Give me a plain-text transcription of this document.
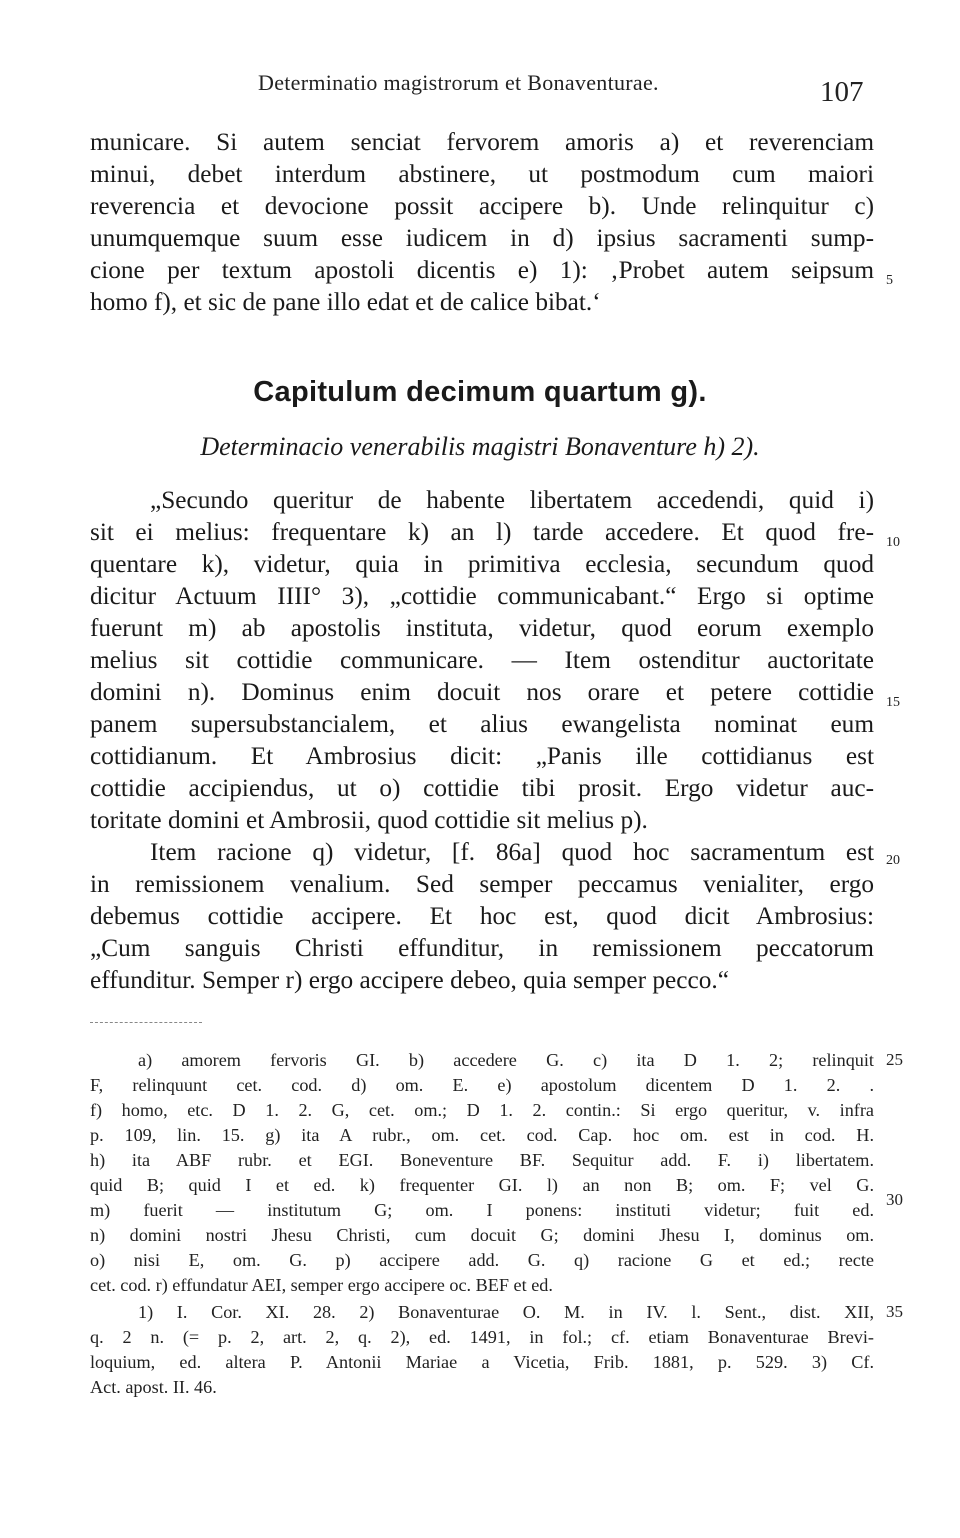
Determinatio magistrorum et Bonaventurae.	107
municare. Si autem senciat fervorem amoris a) et reverenciam
minui, debet interdum abstinere, ut postmodum cum maiori
reverencia et devocione possit accipere b). Unde relinquitur c)
unumquemque suum esse iudicem in d) ipsius sacramenti sump-
cione per textum apostoli dicentis e) 1): ‚Probet autem seipsum
homo f), et sic de pane illo edat et de calice bibat.‘
5
Capitulum decimum quartum g).
Determinacio venerabilis magistri Bonaventure h) 2).
„Secundo queritur de habente libertatem accedendi, quid i)
sit ei melius: frequentare k) an l) tarde accedere. Et quod fre-
quentare k), videtur, quia in primitiva ecclesia, secundum quod
dicitur Actuum IIII° 3), „cottidie communicabant.“ Ergo si optime
fuerunt m) ab apostolis instituta, videtur, quod eorum exemplo
melius sit cottidie communicare. — Item ostenditur auctoritate
domini n). Dominus enim docuit nos orare et petere cottidie
panem supersubstancialem, et alius ewangelista nominat eum
cottidianum. Et Ambrosius dicit: „Panis ille cottidianus est
cottidie accipiendus, ut o) cottidie tibi prosit. Ergo videtur auc-
toritate domini et Ambrosii, quod cottidie sit melius p).
Item racione q) videtur, [f. 86a] quod hoc sacramentum est
in remissionem venalium. Sed semper peccamus venialiter, ergo
debemus cottidie accipere. Et hoc est, quod dicit Ambrosius:
„Cum sanguis Christi effunditur, in remissionem peccatorum
effunditur. Semper r) ergo accipere debeo, quia semper pecco.“
10
15
20
a) amorem fervoris GI. b) accedere G. c) ita D 1. 2; relinquit
F, relinquunt cet. cod. d) om. E. e) apostolum dicentem D 1. 2. .
f) homo, etc. D 1. 2. G, cet. om.; D 1. 2. contin.: Si ergo queritur, v. infra
p. 109, lin. 15. g) ita A rubr., om. cet. cod. Cap. hoc om. est in cod. H.
h) ita ABF rubr. et EGI. Boneventure BF. Sequitur add. F. i) libertatem.
quid B; quid I et ed. k) frequenter GI. l) an non B; om. F; vel G.
m) fuerit — institutum G; om. I ponens: instituti videtur; fuit ed.
n) domini nostri Jhesu Christi, cum docuit G; domini Jhesu I, dominus om.
o) nisi E, om. G. p) accipere add. G. q) racione G et ed.; recte
cet. cod. r) effundatur AEI, semper ergo accipere oc. BEF et ed.
1) I. Cor. XI. 28. 2) Bonaventurae O. M. in IV. l. Sent., dist. XII,
q. 2 n. (= p. 2, art. 2, q. 2), ed. 1491, in fol.; cf. etiam Bonaventurae Brevi-
loquium, ed. altera P. Antonii Mariae a Vicetia, Frib. 1881, p. 529. 3) Cf.
Act. apost. II. 46.
25
30
35
